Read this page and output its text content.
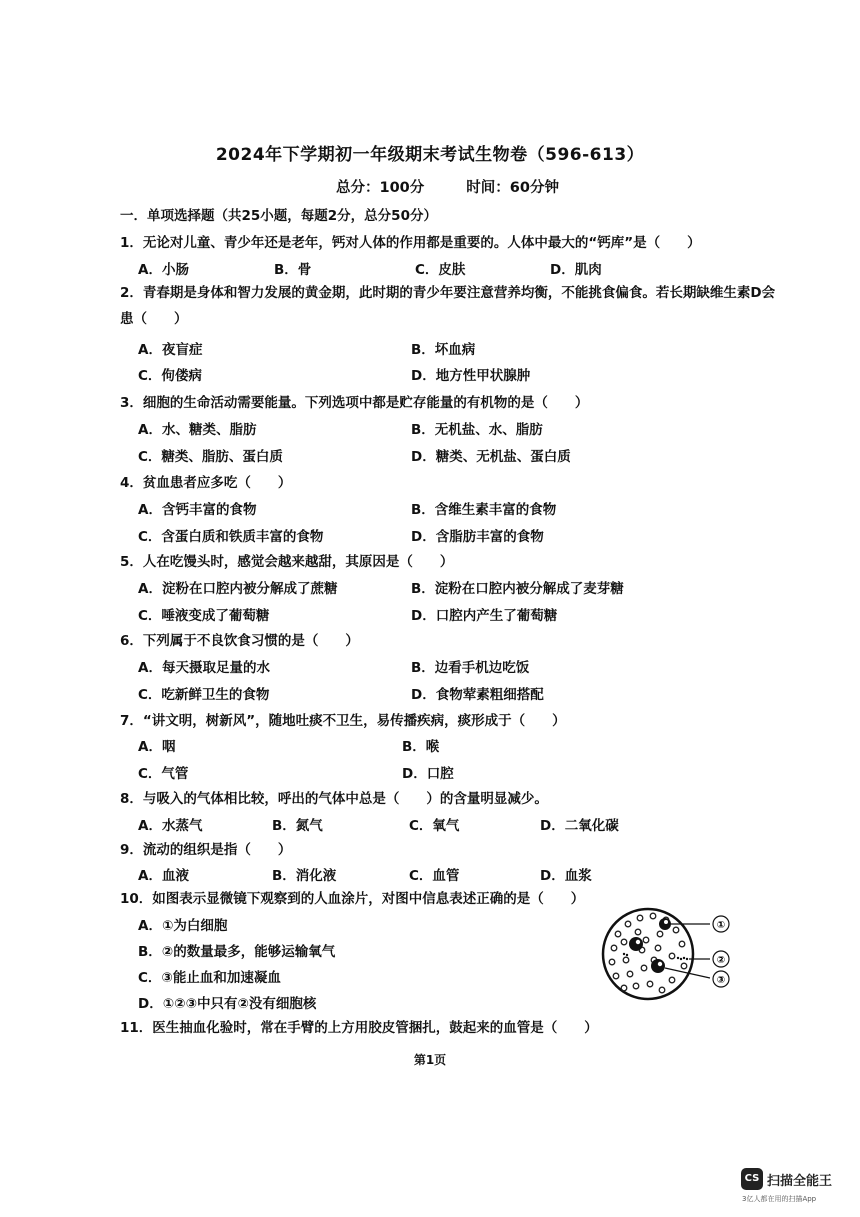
2024年下学期初一年级期末考试生物卷（596-613）
总分：100分	时间：60分钟
一．单项选择题（共25小题，每题2分，总分50分）
1．无论对儿童、青少年还是老年，钙对人体的作用都是重要的。人体中最大的“钙库”是（　　）
A．小肠	B．骨	C．皮肤	D．肌肉
2．青春期是身体和智力发展的黄金期，此时期的青少年要注意营养均衡，不能挑食偏食。若长期缺维生素D会患（　　）
A．夜盲症	B．坏血病
C．佝偻病	D．地方性甲状腺肿
3．细胞的生命活动需要能量。下列选项中都是贮存能量的有机物的是（　　）
A．水、糖类、脂肪	B．无机盐、水、脂肪
C．糖类、脂肪、蛋白质	D．糖类、无机盐、蛋白质
4．贫血患者应多吃（　　）
A．含钙丰富的食物	B．含维生素丰富的食物
C．含蛋白质和铁质丰富的食物	D．含脂肪丰富的食物
5．人在吃馒头时，感觉会越来越甜，其原因是（　　）
A．淀粉在口腔内被分解成了蔗糖	B．淀粉在口腔内被分解成了麦芽糖
C．唾液变成了葡萄糖	D．口腔内产生了葡萄糖
6．下列属于不良饮食习惯的是（　　）
A．每天摄取足量的水	B．边看手机边吃饭
C．吃新鲜卫生的食物	D．食物荤素粗细搭配
7．“讲文明，树新风”，随地吐痰不卫生，易传播疾病，痰形成于（　　）
A．咽	B．喉
C．气管	D．口腔
8．与吸入的气体相比较，呼出的气体中总是（　　）的含量明显减少。
A．水蒸气	B．氮气	C．氧气	D．二氧化碳
9．流动的组织是指（　　）
A．血液	B．消化液	C．血管	D．血浆
10．如图表示显微镜下观察到的人血涂片，对图中信息表述正确的是（　　）
A．①为白细胞
B．②的数量最多，能够运输氧气
C．③能止血和加速凝血
D．①②③中只有②没有细胞核
①
②
③
11．医生抽血化验时，常在手臂的上方用胶皮管捆扎，鼓起来的血管是（　　）
第1页
CS 扫描全能王
3亿人都在用的扫描App
